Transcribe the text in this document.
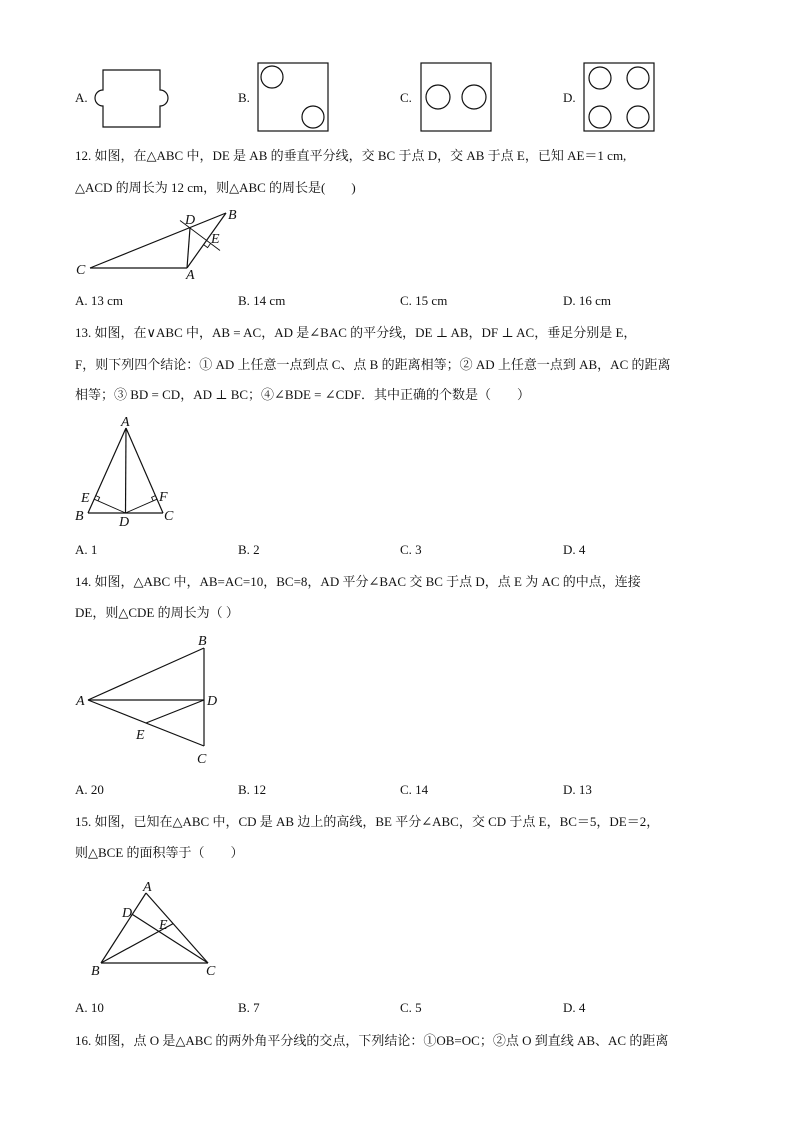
D B
E
C	A
A
E	F
B	D C
A
B
D
E
C
A
D
E
B	C
A.	B.	C.	D.
12. 如图，在△ABC 中，DE 是 AB 的垂直平分线，交 BC 于点 D，交 AB 于点 E，已知 AE＝1 cm,
△ACD 的周长为 12 cm，则△ABC 的周长是(　　)
A. 13 cm	B. 14 cm	C. 15 cm	D. 16 cm
13. 如图，在∨ABC 中，AB = AC，AD 是∠BAC 的平分线，DE ⊥ AB，DF ⊥ AC，垂足分别是 E，
F，则下列四个结论：① AD 上任意一点到点 C、点 B 的距离相等；② AD 上任意一点到 AB，AC 的距离
相等；③ BD = CD，AD ⊥ BC；④∠BDE = ∠CDF．其中正确的个数是（　　）
A. 1	B. 2	C. 3	D. 4
14. 如图，△ABC 中，AB=AC=10，BC=8，AD 平分∠BAC 交 BC 于点 D，点 E 为 AC 的中点，连接
DE，则△CDE 的周长为（ ）
A. 20	B. 12	C. 14	D. 13
15. 如图，已知在△ABC 中，CD 是 AB 边上的高线，BE 平分∠ABC，交 CD 于点 E，BC＝5，DE＝2，
则△BCE 的面积等于（　　）
A. 10	B. 7	C. 5	D. 4
16. 如图，点 O 是△ABC 的两外角平分线的交点，下列结论：①OB=OC；②点 O 到直线 AB、AC 的距离
